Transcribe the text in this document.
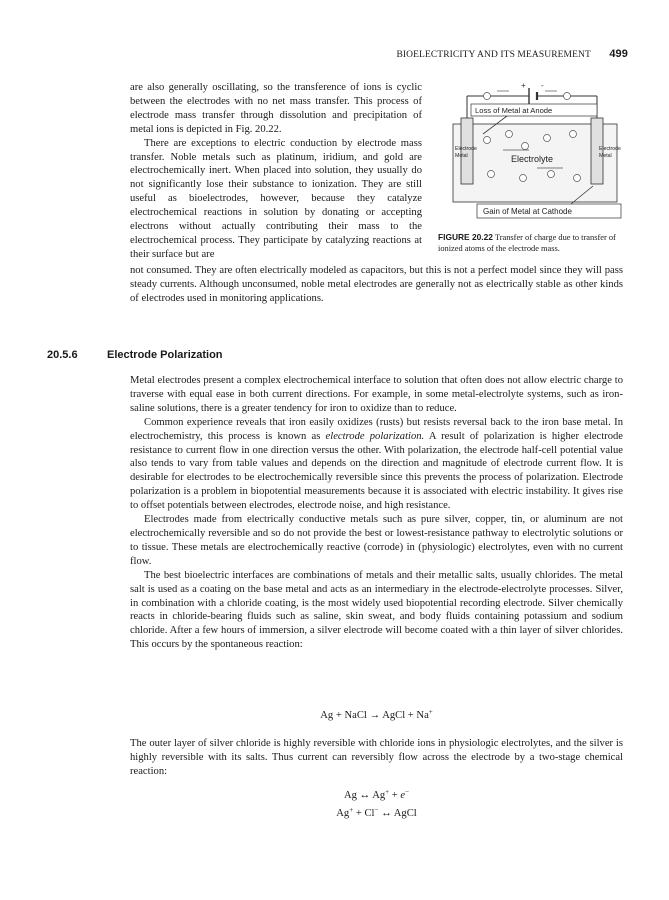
BIOELECTRICITY AND ITS MEASUREMENT 499

are also generally oscillating, so the transference of ions is cyclic between the electrodes with no net mass transfer. This process of electrode mass transfer through dissolution and precipitation of metal ions is depicted in Fig. 20.22.

There are exceptions to electric conduction by electrode mass transfer. Noble metals such as platinum, iridium, and gold are electrochemically inert. When placed into solution, they usually do not significantly lose their substance to ionization. They are still useful as bioelectrodes, however, because they catalyze electrochemical reactions in solution by donating or accepting electrons without actually contributing their mass to the electrochemical process. They participate by catalyzing reactions at their surface but are

+ -
Loss of Metal at Anode
Electrode
Metal
Electrode
Metal
Electrolyte
Gain of Metal at Cathode

FIGURE 20.22 Transfer of charge due to transfer of ionized atoms of the electrode mass.

not consumed. They are often electrically modeled as capacitors, but this is not a perfect model since they will pass steady currents. Although unconsumed, noble metal electrodes are generally not as electrically stable as other kinds of electrodes used in monitoring applications.

20.5.6	Electrode Polarization

Metal electrodes present a complex electrochemical interface to solution that often does not allow electric charge to traverse with equal ease in both current directions. For example, in some metal-electrolyte systems, such as iron-saline solutions, there is a greater tendency for iron to oxidize than to reduce.

Common experience reveals that iron easily oxidizes (rusts) but resists reversal back to the iron base metal. In electrochemistry, this process is known as electrode polarization. A result of polarization is higher electrode resistance to current flow in one direction versus the other. With polarization, the electrode half-cell potential value also tends to vary from table values and depends on the direction and magnitude of electrode current flow. It is desirable for electrodes to be electrochemically reversible since this prevents the process of polarization. Electrode polarization is a problem in biopotential measurements because it is associated with electric instability. It gives rise to offset potentials between electrodes, electrode noise, and high resistance.

Electrodes made from electrically conductive metals such as pure silver, copper, tin, or aluminum are not electrochemically reversible and so do not provide the best or lowest-resistance pathway to electrolytic solutions or to tissue. These metals are electrochemically reactive (corrode) in (physiologic) electrolytes, even with no current flow.

The best bioelectric interfaces are combinations of metals and their metallic salts, usually chlorides. The metal salt is used as a coating on the base metal and acts as an intermediary in the electrode-electrolyte processes. Silver, in combination with a chloride coating, is the most widely used biopotential recording electrode. Silver chemically reacts in chloride-bearing fluids such as saline, skin sweat, and body fluids containing potassium and sodium chloride. After a few hours of immersion, a silver electrode will become coated with a thin layer of silver chlorides. This occurs by the spontaneous reaction:

Ag + NaCl → AgCl + Na+

The outer layer of silver chloride is highly reversible with chloride ions in physiologic electrolytes, and the silver is highly reversible with its salts. Thus current can reversibly flow across the electrode by a two-stage chemical reaction:

Ag ↔ Ag+ + e−
Ag+ + Cl− ↔ AgCl
